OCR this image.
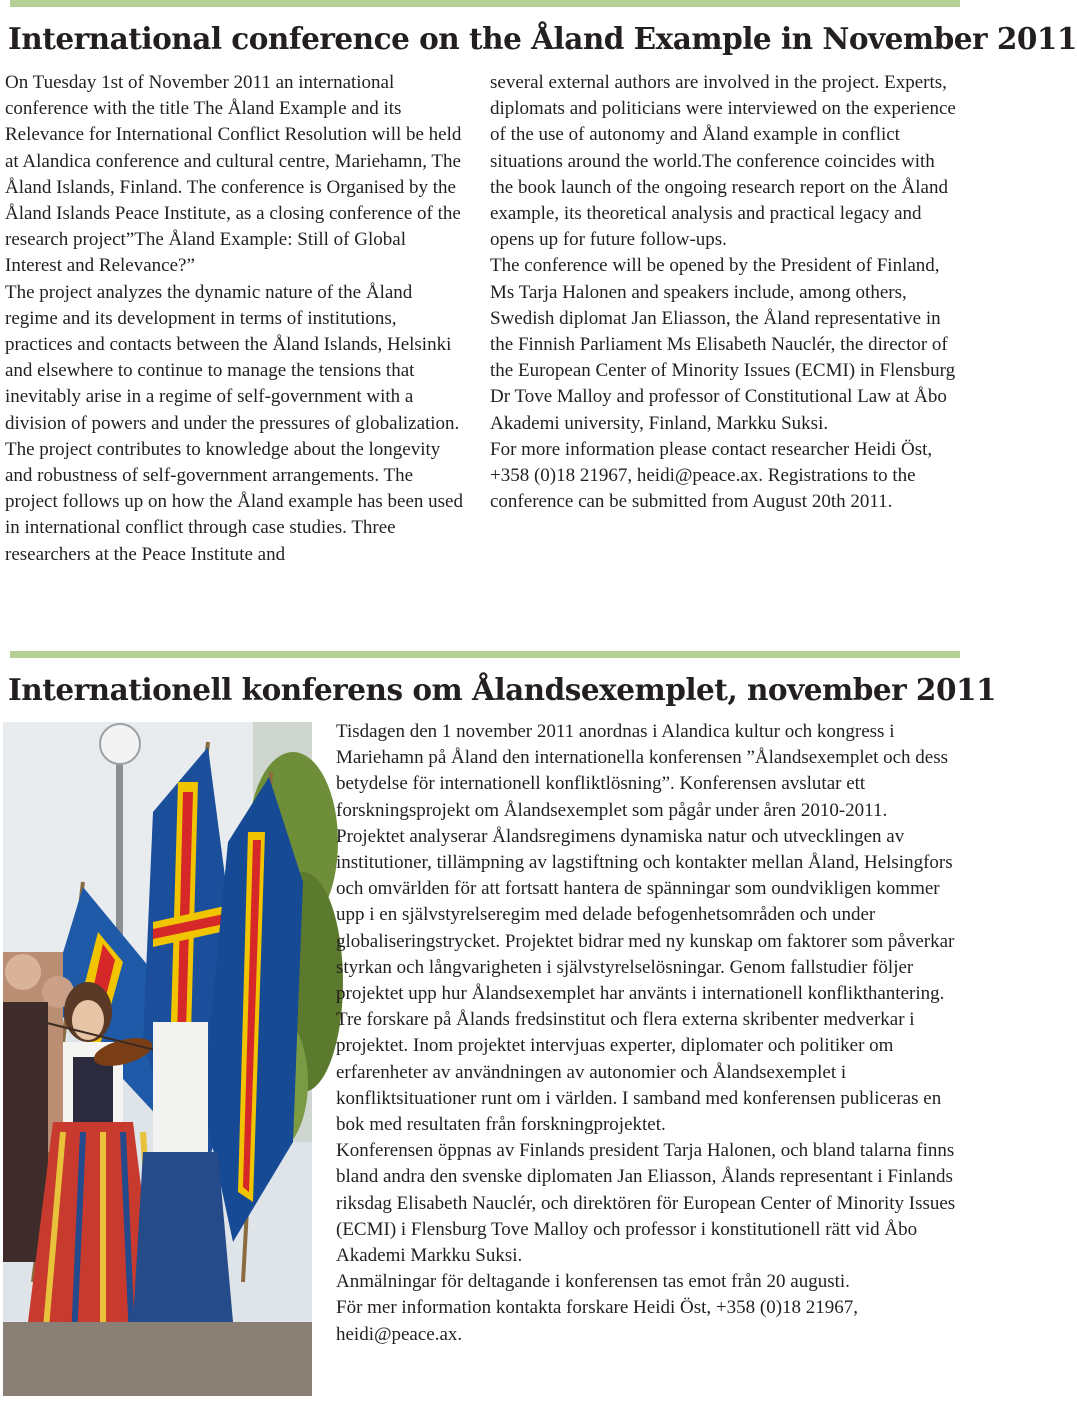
International conference on the Åland Example in November 2011

On Tuesday 1st of November 2011 an international conference with the title The Åland Example and its Relevance for International Conflict Resolution will be held at Alandica conference and cultural centre, Mariehamn, The Åland Islands, Finland. The conference is Organised by the Åland Islands Peace Institute, as a closing conference of the research project”The Åland Example: Still of Global Interest and Relevance?”

The project analyzes the dynamic nature of the Åland regime and its development in terms of institutions, practices and contacts between the Åland Islands, Helsinki and elsewhere to continue to manage the tensions that inevitably arise in a regime of self-government with a division of powers and under the pressures of globalization. The project contributes to knowledge about the longevity and robustness of self-government arrangements. The project follows up on how the Åland example has been used in international conflict through case studies. Three researchers at the Peace Institute and

several external authors are involved in the project. Experts, diplomats and politicians were interviewed on the experience of the use of autonomy and Åland example in conflict situations around the world.The conference coincides with the book launch of the ongoing research report on the Åland example, its theoretical analysis and practical legacy and opens up for future follow-ups.

The conference will be opened by the President of Finland, Ms Tarja Halonen and speakers include, among others, Swedish diplomat Jan Eliasson, the Åland representative in the Finnish Parliament Ms Elisabeth Nauclér, the director of the European Center of Minority Issues (ECMI) in Flensburg Dr Tove Malloy and professor of Constitutional Law at Åbo Akademi university, Finland, Markku Suksi.

For more information please contact researcher Heidi Öst, +358 (0)18 21967, heidi@peace.ax. Registrations to the conference can be submitted from August 20th 2011.

Internationell konferens om Ålandsexemplet, november 2011

Tisdagen den 1 november 2011 anordnas i Alandica kultur och kongress i Mariehamn på Åland den internationella konferensen ”Ålandsexemplet och dess betydelse för internationell konfliktlösning”. Konferensen avslutar ett forskningsprojekt om Ålandsexemplet som pågår under åren 2010-2011. Projektet analyserar Ålandsregimens dynamiska natur och utvecklingen av institutioner, tillämpning av lagstiftning och kontakter mellan Åland, Helsingfors och omvärlden för att fortsatt hantera de spänningar som oundvikligen kommer upp i en självstyrelseregim med delade befogenhetsområden och under globaliseringstrycket. Projektet bidrar med ny kunskap om faktorer som påverkar styrkan och långvarigheten i självstyrelselösningar. Genom fallstudier följer projektet upp hur Ålandsexemplet har använts i internationell konflikthantering. Tre forskare på Ålands fredsinstitut och flera externa skribenter medverkar i projektet. Inom projektet intervjuas experter, diplomater och politiker om erfarenheter av användningen av autonomier och Ålandsexemplet i konfliktsituationer runt om i världen. I samband med konferensen publiceras en bok med resultaten från forskningprojektet.

Konferensen öppnas av Finlands president Tarja Halonen, och bland talarna finns bland andra den svenske diplomaten Jan Eliasson, Ålands representant i Finlands riksdag Elisabeth Nauclér, och direktören för European Center of Minority Issues (ECMI) i Flensburg Tove Malloy och professor i konstitutionell rätt vid Åbo Akademi Markku Suksi.

Anmälningar för deltagande i konferensen tas emot från 20 augusti.

För mer information kontakta forskare Heidi Öst, +358 (0)18 21967, heidi@peace.ax.
